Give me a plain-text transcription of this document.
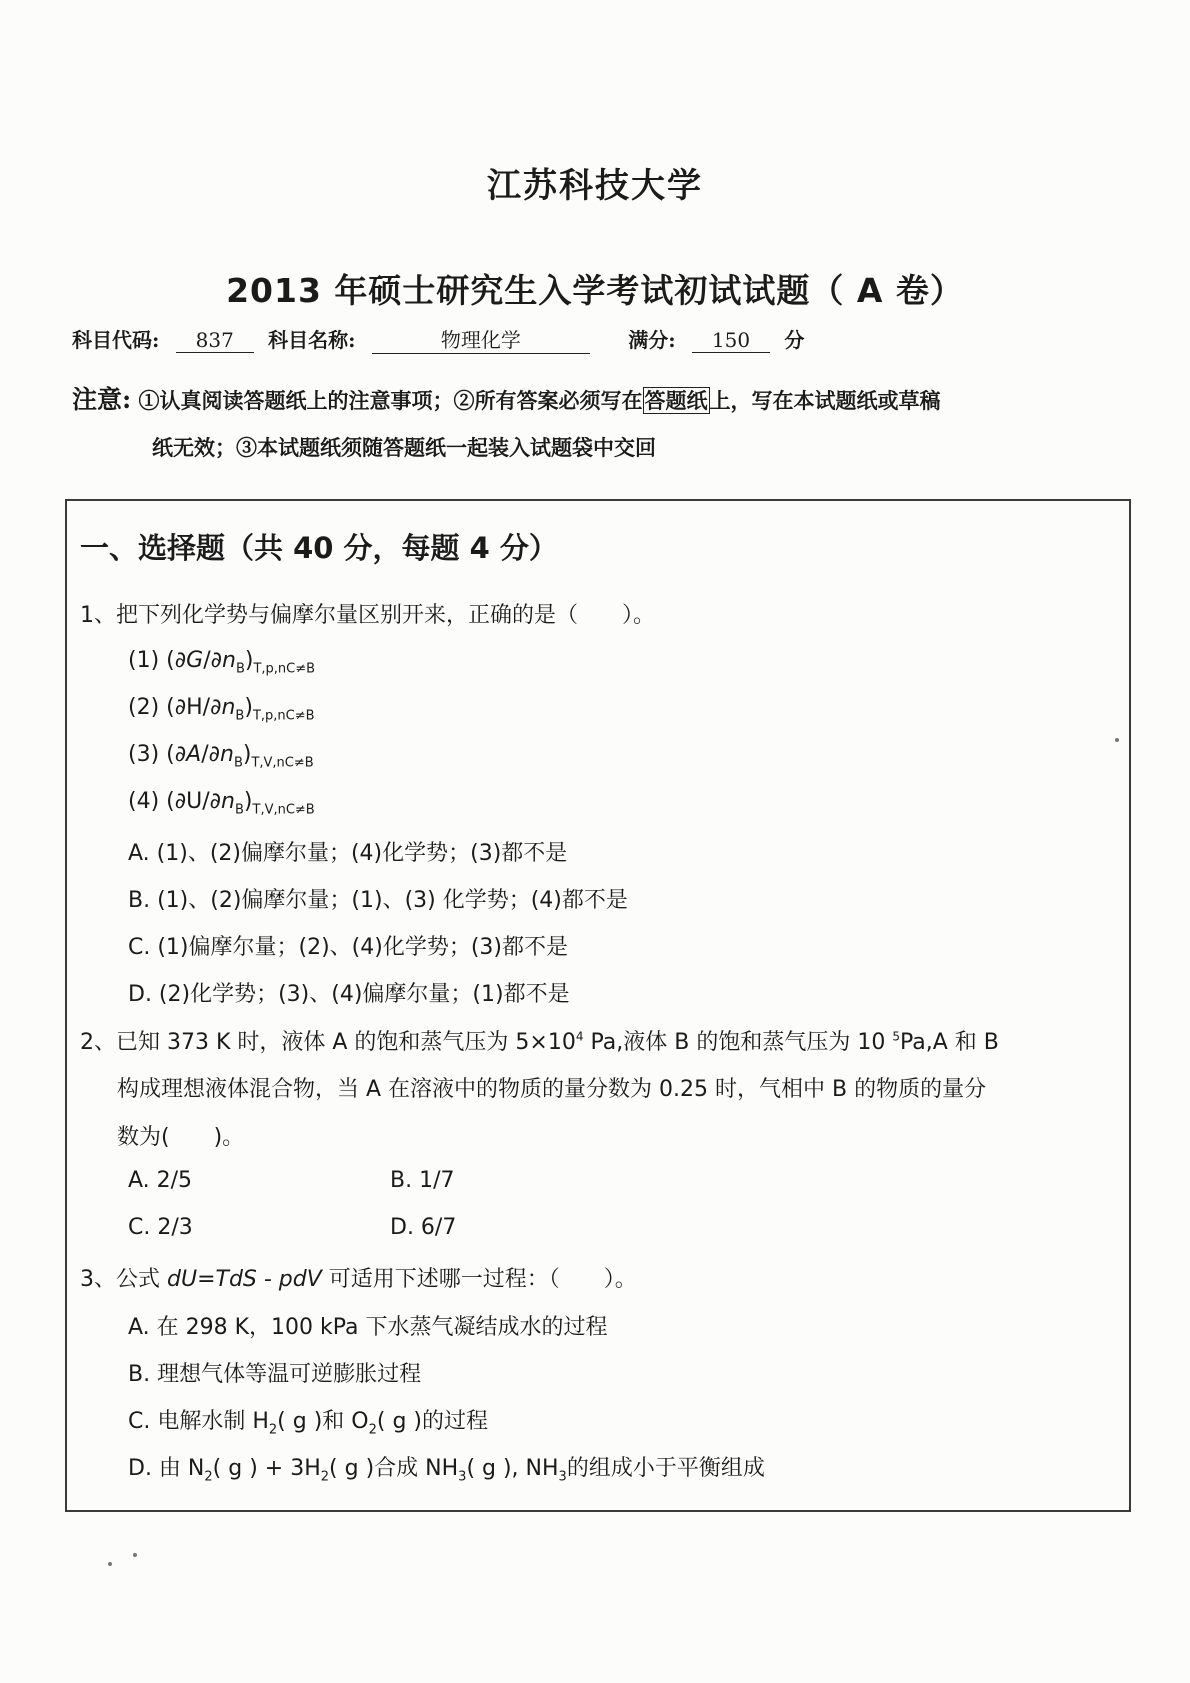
江苏科技大学
2013 年硕士研究生入学考试初试试题（ A 卷）
科目代码: 837 科目名称:	物理化学	满分: 150 分
注意: ①认真阅读答题纸上的注意事项；②所有答案必须写在答题纸上，写在本试题纸或草稿
纸无效；③本试题纸须随答题纸一起装入试题袋中交回
一、选择题（共 40 分，每题 4 分）
1、把下列化学势与偏摩尔量区别开来，正确的是（　　）。
(1) $(\partial G/\partial n_B)_{T,p,nC\ne B}$
(2) $(\partial H/\partial n_B)_{T,p,nC\ne B}$
(3) $(\partial A/\partial n_B)_{T,V,nC\ne B}$
(4) $(\partial U/\partial n_B)_{T,V,nC\ne B}$
A. (1)、(2)偏摩尔量；(4)化学势；(3)都不是
B. (1)、(2)偏摩尔量；(1)、(3) 化学势；(4)都不是
C. (1)偏摩尔量；(2)、(4)化学势；(3)都不是
D. (2)化学势；(3)、(4)偏摩尔量；(1)都不是
2、已知 373 K 时，液体 A 的饱和蒸气压为 $5\times 10^4$ Pa,液体 B 的饱和蒸气压为 10 $^5$Pa,A 和 B
构成理想液体混合物，当 A 在溶液中的物质的量分数为 0.25 时，气相中 B 的物质的量分
数为(　　)。
A. 2/5	B. 1/7
C. 2/3	D. 6/7
3、公式 dU=TdS - pdV 可适用下述哪一过程：（　　）。
A. 在 298 K，100 kPa 下水蒸气凝结成水的过程
B. 理想气体等温可逆膨胀过程
C. 电解水制 $H_2$( g )和 $O_2$( g )的过程
D. 由 $N_2$( g ) + $3H_2$( g )合成 $NH_3$( g ), $NH_3$的组成小于平衡组成
